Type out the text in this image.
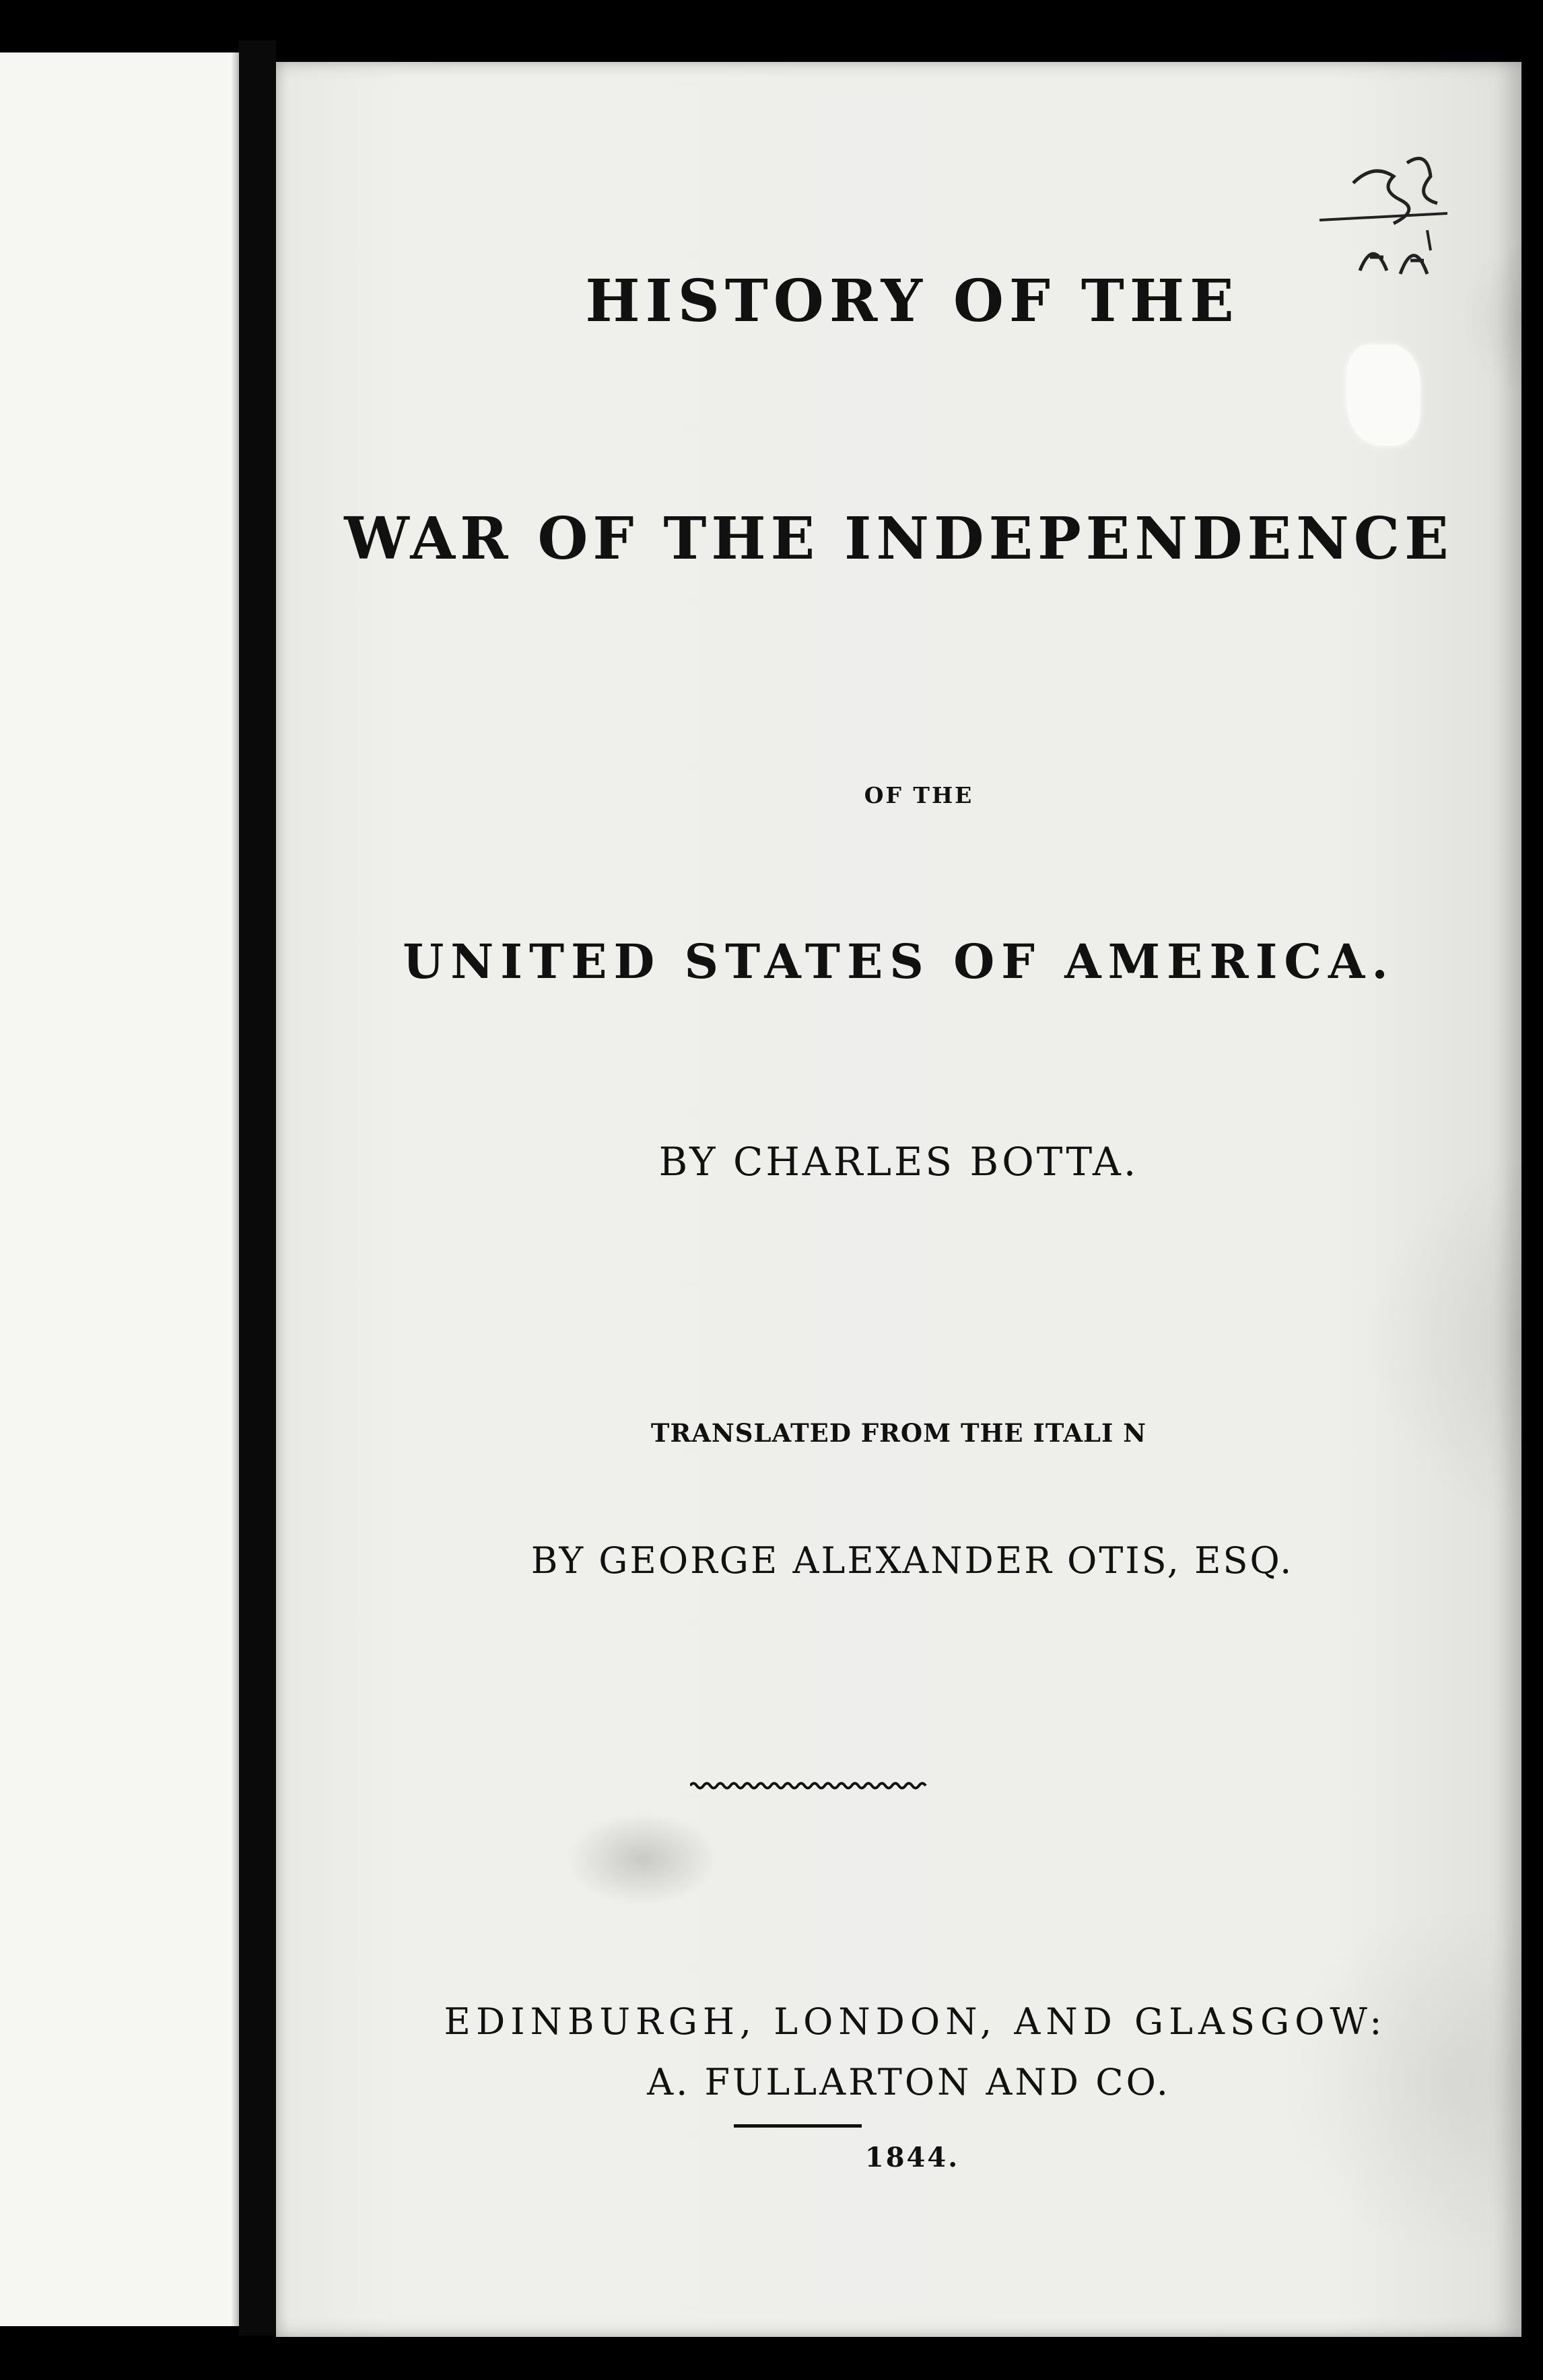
HISTORY OF THE

WAR OF THE INDEPENDENCE

OF THE

UNITED STATES OF AMERICA.

BY CHARLES BOTTA.

TRANSLATED FROM THE ITALI N

BY GEORGE ALEXANDER OTIS, ESQ.

EDINBURGH, LONDON, AND GLASGOW:

A. FULLARTON AND CO.

1844.
